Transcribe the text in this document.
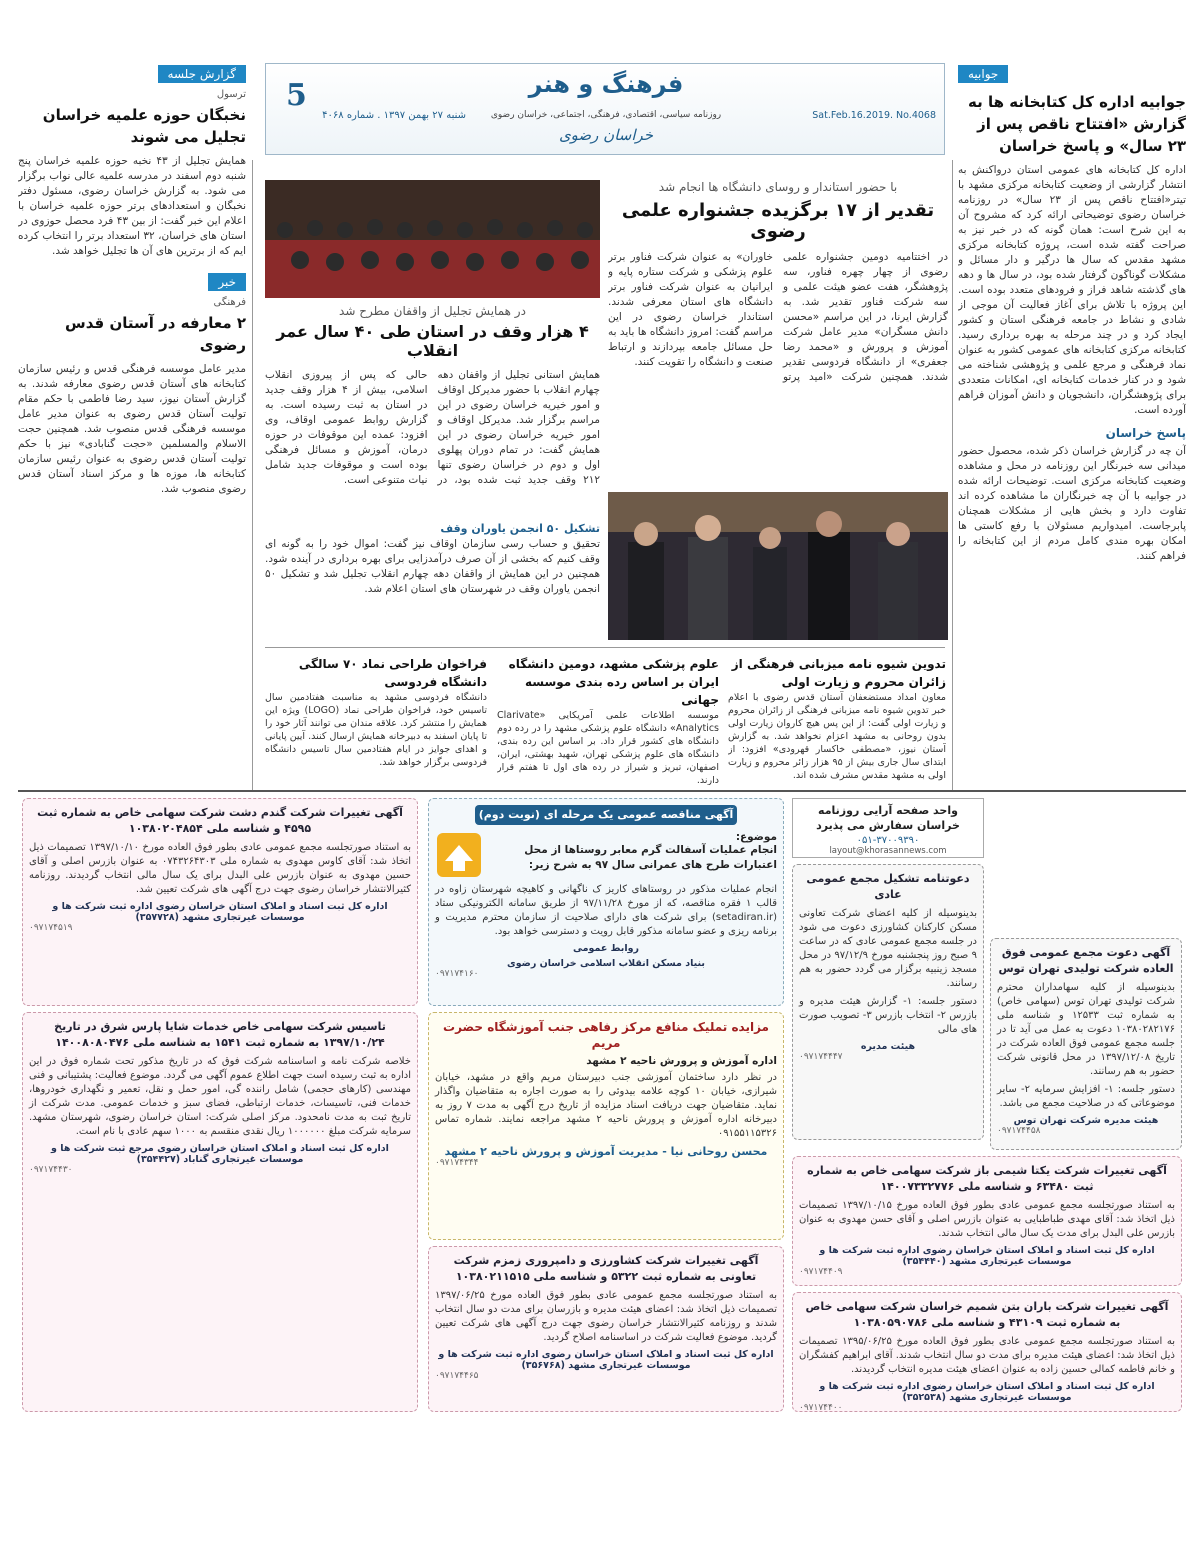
5	فرهنگ و هنر
روزنامه سیاسی، اقتصادی، فرهنگی، اجتماعی، خراسان رضوی
شنبه ۲۷ بهمن ۱۳۹۷ . شماره ۴۰۶۸	Sat.Feb.16.2019. No.4068
خراسان رضوی
جوابیه
جوابیه اداره کل کتابخانه ها به گزارش «افتتاح ناقص پس از ۲۳ سال» و پاسخ خراسان

اداره کل کتابخانه های عمومی استان درواکنش به انتشار گزارشی از وضعیت کتابخانه مرکزی مشهد با تیتر«افتتاح ناقص پس از ۲۳ سال» در روزنامه خراسان رضوی توضیحاتی ارائه کرد که مشروح آن به این شرح است: همان گونه که در خبر نیز به صراحت گفته شده است، پروژه کتابخانه مرکزی مشهد مقدس که سال ها درگیر و دار مسائل و مشکلات گوناگون گرفتار شده بود، در سال ها و دهه های گذشته شاهد فراز و فرودهای متعدد بوده است. این پروژه با تلاش برای آغاز فعالیت آن موجی از شادی و نشاط در جامعه فرهنگی استان و کشور ایجاد کرد و در چند مرحله به بهره برداری رسید. کتابخانه مرکزی کتابخانه های عمومی کشور به عنوان نماد فرهنگی و مرجع علمی و پژوهشی شناخته می شود و در کنار خدمات کتابخانه ای، امکانات متعددی برای پژوهشگران، دانشجویان و دانش آموزان فراهم آورده است.

پاسخ خراسان

آن چه در گزارش خراسان ذکر شده، محصول حضور میدانی سه خبرنگار این روزنامه در محل و مشاهده وضعیت کتابخانه مرکزی است. توضیحات ارائه شده در جوابیه با آن چه خبرنگاران ما مشاهده کرده اند تفاوت دارد و بخش هایی از مشکلات همچنان پابرجاست. امیدواریم مسئولان با رفع کاستی ها امکان بهره مندی کامل مردم از این کتابخانه را فراهم کنند.

گزارش جلسه
ترسول
نخبگان حوزه علمیه خراسان تجلیل می شوند

همایش تجلیل از ۴۳ نخبه حوزه علمیه خراسان پنج شنبه دوم اسفند در مدرسه علمیه عالی نواب برگزار می شود. به گزارش خراسان رضوی، مسئول دفتر نخبگان و استعدادهای برتر حوزه علمیه خراسان با اعلام این خبر گفت: از بین ۴۳ فرد محصل حوزوی در استان های خراسان، ۳۲ استعداد برتر را انتخاب کرده ایم که از برترین های آن ها تجلیل خواهد شد.

خبر
فرهنگی
۲ معارفه در آستان قدس رضوی

مدیر عامل موسسه فرهنگی قدس و رئیس سازمان کتابخانه های آستان قدس رضوی معارفه شدند. به گزارش آستان نیوز، سید رضا فاطمی با حکم مقام تولیت آستان قدس رضوی به عنوان مدیر عامل موسسه فرهنگی قدس منصوب شد. همچنین حجت الاسلام والمسلمین «حجت گنابادی» نیز با حکم تولیت آستان قدس رضوی به عنوان رئیس سازمان کتابخانه ها، موزه ها و مرکز اسناد آستان قدس رضوی منصوب شد.

با حضور استاندار و روسای دانشگاه ها انجام شد
تقدیر از ۱۷ برگزیده جشنواره علمی رضوی

در اختتامیه دومین جشنواره علمی رضوی از چهار چهره فناور، سه پژوهشگر، هفت عضو هیئت علمی و سه شرکت فناور تقدیر شد. به گزارش ایرنا، در این مراسم «محسن دانش مسگران» مدیر عامل شرکت آموزش و پرورش و «محمد رضا جعفری» از دانشگاه فردوسی تقدیر شدند. همچنین شرکت «امید پرتو خاوران» به عنوان شرکت فناور برتر علوم پزشکی و شرکت ستاره پایه و ایرانیان به عنوان شرکت فناور برتر دانشگاه های استان معرفی شدند. استاندار خراسان رضوی در این مراسم گفت: امروز دانشگاه ها باید به حل مسائل جامعه بپردازند و ارتباط صنعت و دانشگاه را تقویت کنند.

در همایش تجلیل از واقفان مطرح شد
۴ هزار وقف در استان طی ۴۰ سال عمر انقلاب

همایش استانی تجلیل از واقفان دهه چهارم انقلاب با حضور مدیرکل اوقاف و امور خیریه خراسان رضوی در این مراسم برگزار شد. مدیرکل اوقاف و امور خیریه خراسان رضوی در این همایش گفت: در تمام دوران پهلوی اول و دوم در خراسان رضوی تنها ۲۱۲ وقف جدید ثبت شده بود، در حالی که پس از پیروزی انقلاب اسلامی، بیش از ۴ هزار وقف جدید در استان به ثبت رسیده است. به گزارش روابط عمومی اوقاف، وی افزود: عمده این موقوفات در حوزه درمان، آموزش و مسائل فرهنگی بوده است و موقوفات جدید شامل نیات متنوعی است.

تشکیل ۵۰ انجمن یاوران وقف

تحقیق و حساب رسی سازمان اوقاف نیز گفت: اموال خود را به گونه ای وقف کنیم که بخشی از آن صرف درآمدزایی برای بهره برداری در آینده شود. همچنین در این همایش از واقفان دهه چهارم انقلاب تجلیل شد و تشکیل ۵۰ انجمن یاوران وقف در شهرستان های استان اعلام شد.

تدوین شیوه نامه میزبانی فرهنگی از زائران محروم و زیارت اولی

معاون امداد مستضعفان آستان قدس رضوی با اعلام خبر تدوین شیوه نامه میزبانی فرهنگی از زائران محروم و زیارت اولی گفت: از این پس هیچ کاروان زیارت اولی بدون روحانی به مشهد اعزام نخواهد شد. به گزارش آستان نیوز، «مصطفی خاکسار قهرودی» افزود: از ابتدای سال جاری بیش از ۹۵ هزار زائر محروم و زیارت اولی به مشهد مقدس مشرف شده اند.

علوم پزشکی مشهد، دومین دانشگاه ایران بر اساس رده بندی موسسه جهانی

موسسه اطلاعات علمی آمریکایی «Clarivate Analytics» دانشگاه علوم پزشکی مشهد را در رده دوم دانشگاه های کشور قرار داد. بر اساس این رده بندی، دانشگاه های علوم پزشکی تهران، شهید بهشتی، ایران، اصفهان، تبریز و شیراز در رده های اول تا هفتم قرار دارند.

فراخوان طراحی نماد ۷۰ سالگی دانشگاه فردوسی

دانشگاه فردوسی مشهد به مناسبت هفتادمین سال تاسیس خود، فراخوان طراحی نماد (LOGO) ویژه این همایش را منتشر کرد. علاقه مندان می توانند آثار خود را تا پایان اسفند به دبیرخانه همایش ارسال کنند. آیین پایانی و اهدای جوایز در ایام هفتادمین سال تاسیس دانشگاه فردوسی برگزار خواهد شد.

آگهی تغییرات شرکت گندم دشت شرکت سهامی خاص به شماره ثبت ۴۵۹۵ و شناسه ملی ۱۰۳۸۰۲۰۴۸۵۴
به استناد صورتجلسه مجمع عمومی عادی بطور فوق العاده مورخ ۱۳۹۷/۱۰/۱۰ تصمیمات ذیل اتخاذ شد: آقای کاوس مهدوی به شماره ملی ۰۷۴۳۲۶۴۳۰۳ به عنوان بازرس اصلی و آقای حسین مهدوی به عنوان بازرس علی البدل برای یک سال مالی انتخاب گردیدند. روزنامه کثیرالانتشار خراسان رضوی جهت درج آگهی های شرکت تعیین شد.
اداره کل ثبت اسناد و املاک استان خراسان رضوی اداره ثبت شرکت ها و موسسات غیرتجاری مشهد (۳۵۷۷۲۸)
۰۹۷۱۷۴۵۱۹
تاسیس شرکت سهامی خاص خدمات شایا پارس شرق در تاریخ ۱۳۹۷/۱۰/۲۴ به شماره ثبت ۱۵۴۱ به شناسه ملی ۱۴۰۰۸۰۸۰۴۷۶
خلاصه شرکت نامه و اساسنامه شرکت فوق که در تاریخ مذکور تحت شماره فوق در این اداره به ثبت رسیده است جهت اطلاع عموم آگهی می گردد. موضوع فعالیت: پشتیبانی و فنی مهندسی (کارهای حجمی) شامل راننده گی، امور حمل و نقل، تعمیر و نگهداری خودروها، خدمات فنی، تاسیسات، خدمات ارتباطی، فضای سبز و خدمات عمومی. مدت شرکت از تاریخ ثبت به مدت نامحدود. مرکز اصلی شرکت: استان خراسان رضوی، شهرستان مشهد. سرمایه شرکت مبلغ ۱۰۰۰۰۰۰ ریال نقدی منقسم به ۱۰۰۰ سهم عادی با نام است.
اداره کل ثبت اسناد و املاک استان خراسان رضوی مرجع ثبت شرکت ها و موسسات غیرتجاری گناباد (۳۵۴۴۲۷)
۰۹۷۱۷۴۴۳۰
آگهی مناقصه عمومی یک مرحله ای (نوبت دوم)
موضوع:
انجام عملیات آسفالت گرم معابر روستاها از محل اعتبارات طرح های عمرانی سال ۹۷ به شرح زیر:
انجام عملیات مذکور در روستاهای کاریز ک ناگهانی و کاهیچه شهرستان زاوه در قالب ۱ فقره مناقصه، که از مورخ ۹۷/۱۱/۲۸ از طریق سامانه الکترونیکی ستاد (setadiran.ir) برای شرکت های دارای صلاحیت از سازمان محترم مدیریت و برنامه ریزی و عضو سامانه مذکور قابل رویت و دسترسی خواهد بود.
روابط عمومی
بنیاد مسکن انقلاب اسلامی خراسان رضوی
۰۹۷۱۷۴۱۶۰
مزایده تملیک منافع مرکز رفاهی جنب آموزشگاه حضرت مریم
اداره آموزش و پرورش ناحیه ۲ مشهد
در نظر دارد ساختمان آموزشی جنب دبیرستان مریم واقع در مشهد، خیابان شیرازی، خیابان ۱۰ کوچه علامه بیدوئی را به صورت اجاره به متقاضیان واگذار نماید. متقاضیان جهت دریافت اسناد مزایده از تاریخ درج آگهی به مدت ۷ روز به دبیرخانه اداره آموزش و پرورش ناحیه ۲ مشهد مراجعه نمایند. شماره تماس ۰۹۱۵۵۱۱۵۳۲۶
محسن روحانی نیا - مدیریت آموزش و پرورش ناحیه ۲ مشهد
۰۹۷۱۷۴۳۴۴
آگهی تغییرات شرکت کشاورزی و دامپروری زمزم شرکت تعاونی به شماره ثبت ۵۳۲۲ و شناسه ملی ۱۰۳۸۰۲۱۱۵۱۵
به استناد صورتجلسه مجمع عمومی عادی بطور فوق العاده مورخ ۱۳۹۷/۰۶/۲۵ تصمیمات ذیل اتخاذ شد: اعضای هیئت مدیره و بازرسان برای مدت دو سال انتخاب شدند و روزنامه کثیرالانتشار خراسان رضوی جهت درج آگهی های شرکت تعیین گردید. موضوع فعالیت شرکت در اساسنامه اصلاح گردید.
اداره کل ثبت اسناد و املاک استان خراسان رضوی اداره ثبت شرکت ها و موسسات غیرتجاری مشهد (۳۵۶۷۶۸)
۰۹۷۱۷۴۴۶۵
واحد صفحه آرایی روزنامه خراسان سفارش می پذیرد
۰۵۱-۳۷۰۰۹۳۹۰
layout@khorasannews.com
دعوتنامه تشکیل مجمع عمومی عادی
بدینوسیله از کلیه اعضای شرکت تعاونی مسکن کارکنان کشاورزی دعوت می شود در جلسه مجمع عمومی عادی که در ساعت ۹ صبح روز پنجشنبه مورخ ۹۷/۱۲/۹ در محل مسجد زینبیه برگزار می گردد حضور به هم رسانند.
دستور جلسه: ۱- گزارش هیئت مدیره و بازرس ۲- انتخاب بازرس ۳- تصویب صورت های مالی
هیئت مدیره
۰۹۷۱۷۴۴۴۷
آگهی دعوت مجمع عمومی فوق العاده شرکت تولیدی تهران توس
بدینوسیله از کلیه سهامداران محترم شرکت تولیدی تهران توس (سهامی خاص) به شماره ثبت ۱۲۵۳۳ و شناسه ملی ۱۰۳۸۰۲۸۲۱۷۶ دعوت به عمل می آید تا در جلسه مجمع عمومی فوق العاده شرکت در تاریخ ۱۳۹۷/۱۲/۰۸ در محل قانونی شرکت حضور به هم رسانند.
دستور جلسه: ۱- افزایش سرمایه ۲- سایر موضوعاتی که در صلاحیت مجمع می باشد.
هیئت مدیره شرکت تهران توس
۰۹۷۱۷۴۴۵۸
آگهی تغییرات شرکت یکتا شیمی باز شرکت سهامی خاص به شماره ثبت ۶۳۴۸۰ و شناسه ملی ۱۴۰۰۷۳۳۲۷۷۶
به استناد صورتجلسه مجمع عمومی عادی بطور فوق العاده مورخ ۱۳۹۷/۱۰/۱۵ تصمیمات ذیل اتخاذ شد: آقای مهدی طباطبایی به عنوان بازرس اصلی و آقای حسن مهدوی به عنوان بازرس علی البدل برای مدت یک سال مالی انتخاب شدند.
اداره کل ثبت اسناد و املاک استان خراسان رضوی اداره ثبت شرکت ها و موسسات غیرتجاری مشهد (۳۵۴۴۴۰)
۰۹۷۱۷۴۴۰۹
آگهی تغییرات شرکت باران بتن شمیم خراسان شرکت سهامی خاص به شماره ثبت ۴۳۱۰۹ و شناسه ملی ۱۰۳۸۰۵۹۰۷۸۶
به استناد صورتجلسه مجمع عمومی عادی بطور فوق العاده مورخ ۱۳۹۵/۰۶/۲۵ تصمیمات ذیل اتخاذ شد: اعضای هیئت مدیره برای مدت دو سال انتخاب شدند. آقای ابراهیم کفشگران و خانم فاطمه کمالی حسین زاده به عنوان اعضای هیئت مدیره انتخاب گردیدند.
اداره کل ثبت اسناد و املاک استان خراسان رضوی اداره ثبت شرکت ها و موسسات غیرتجاری مشهد (۳۵۲۵۳۸)
۰۹۷۱۷۴۴۰۰
